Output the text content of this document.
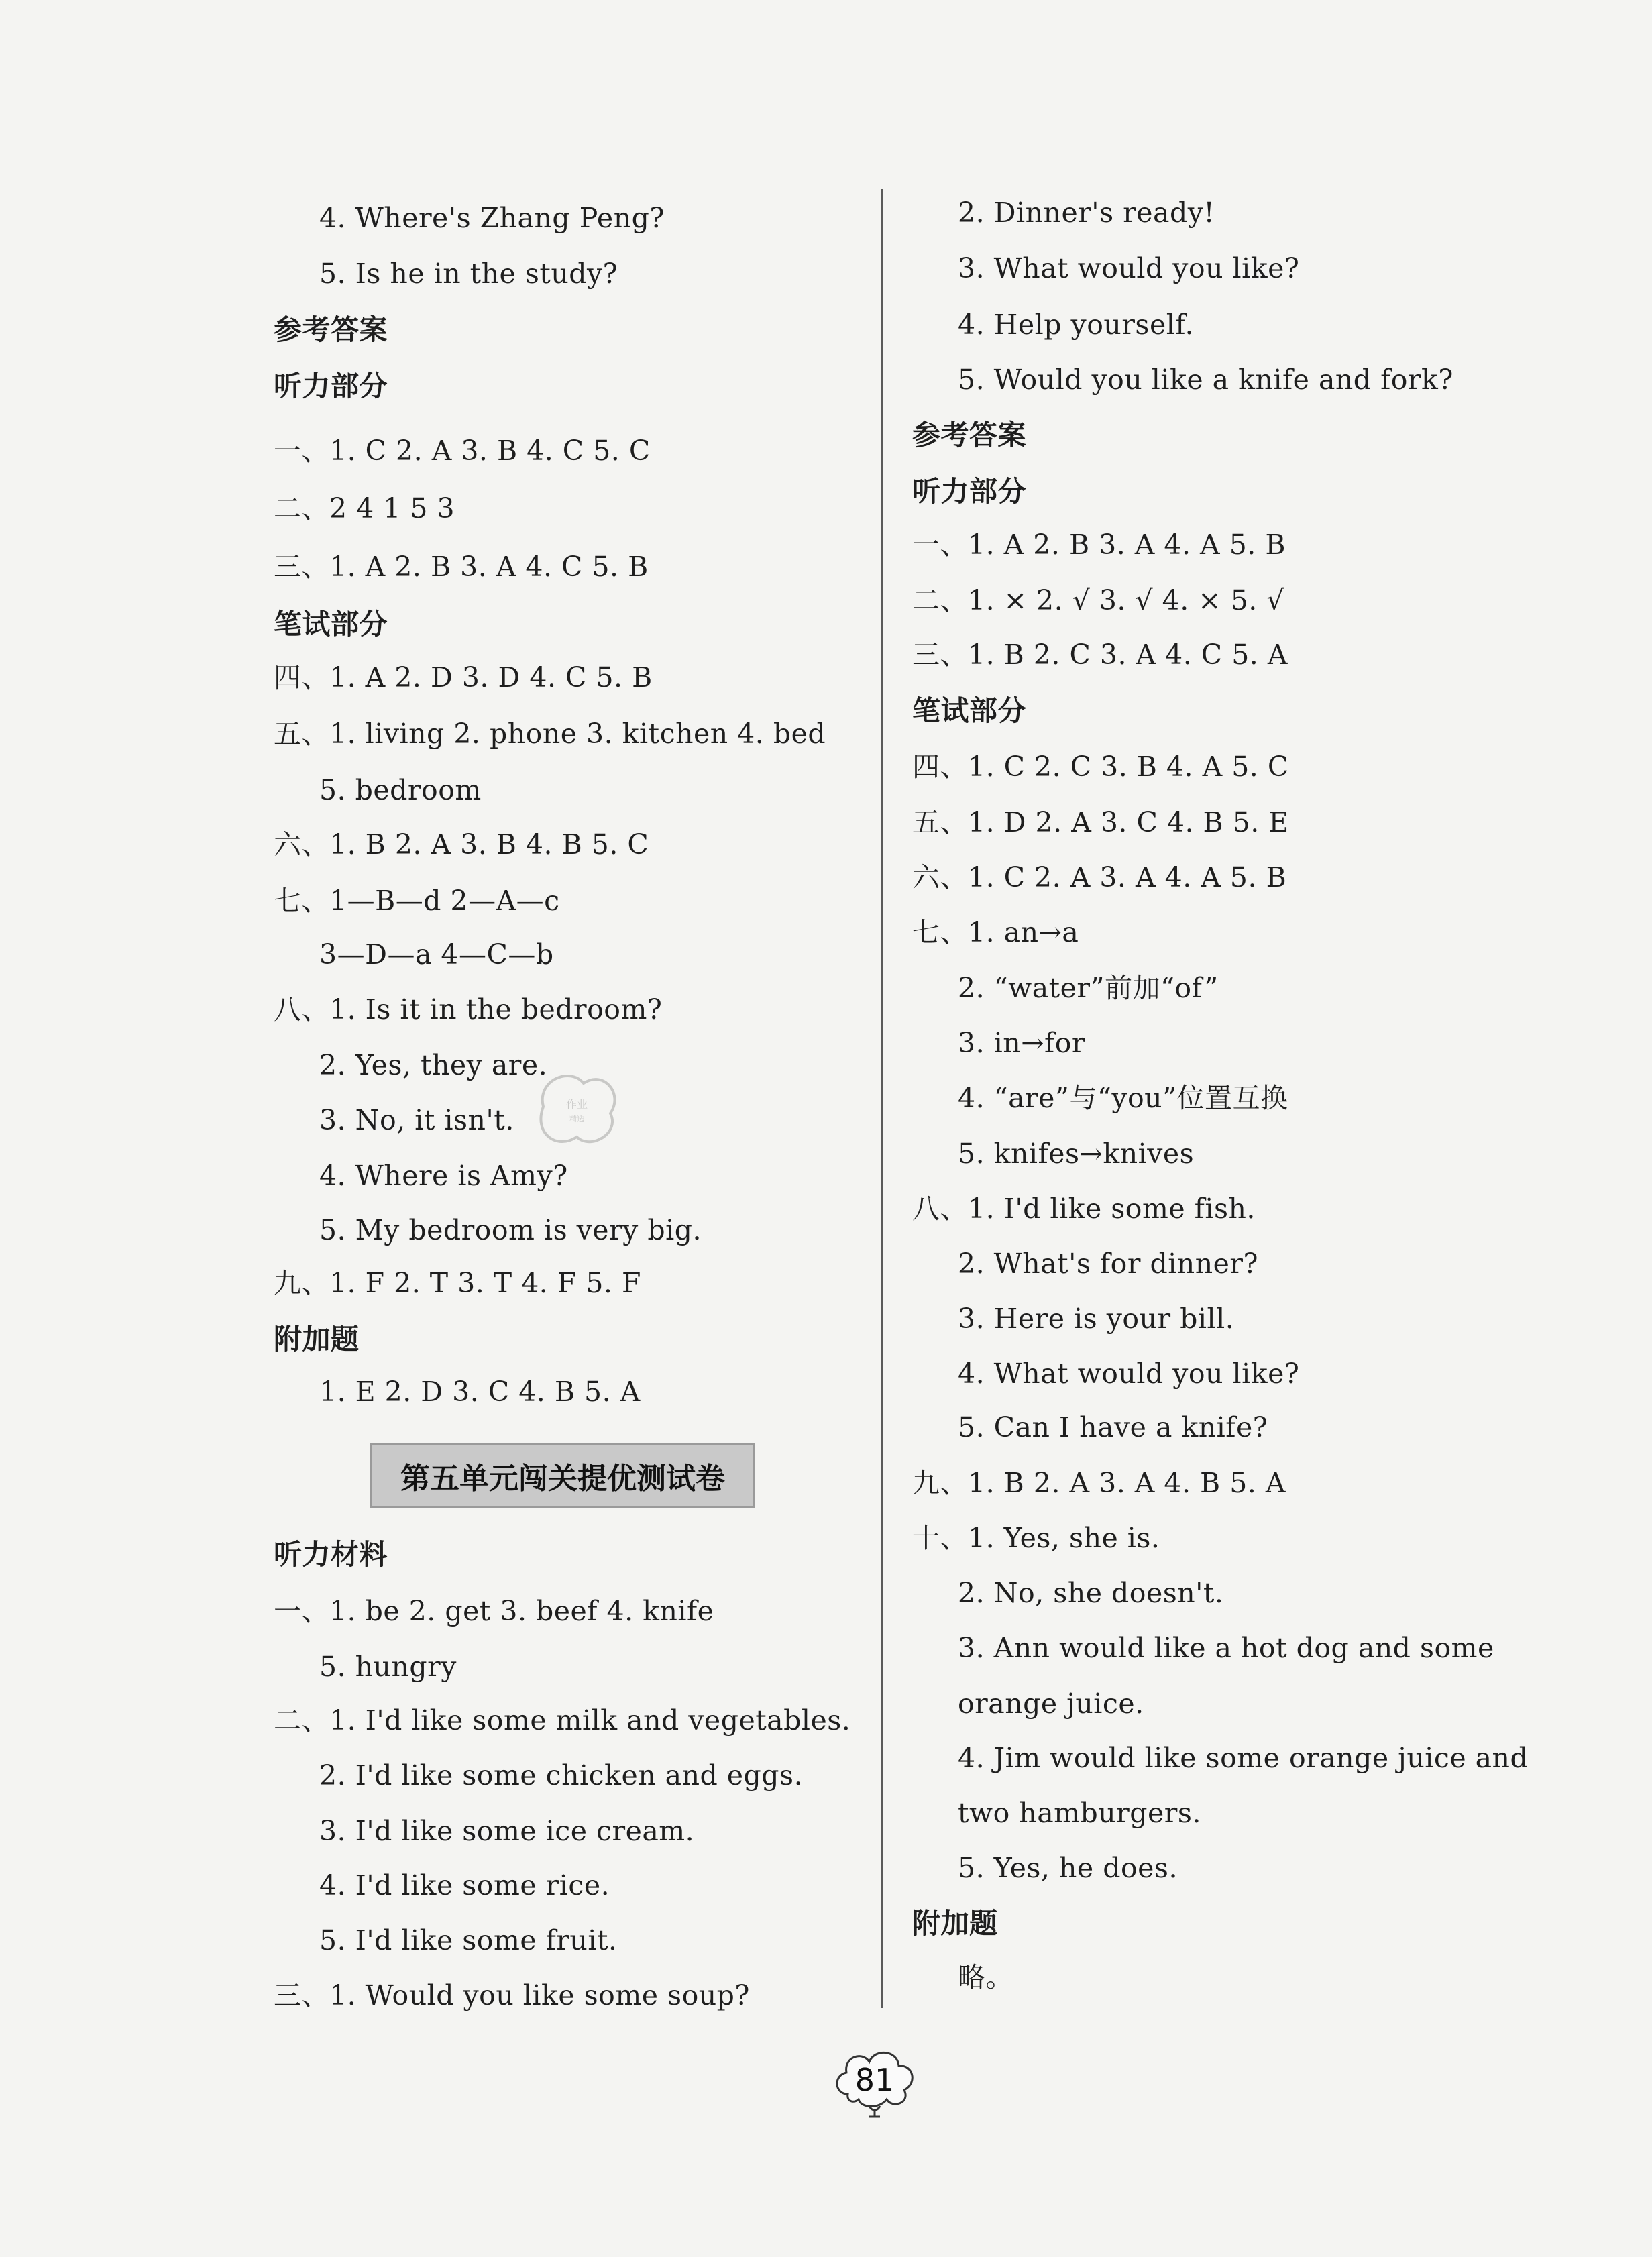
4. Where's Zhang Peng?
5. Is he in the study?
参考答案
听力部分
一、1. C 2. A 3. B 4. C 5. C
二、2 4 1 5 3
三、1. A 2. B 3. A 4. C 5. B
笔试部分
四、1. A 2. D 3. D 4. C 5. B
五、1. living 2. phone 3. kitchen 4. bed
5. bedroom
六、1. B 2. A 3. B 4. B 5. C
七、1—B—d 2—A—c
3—D—a 4—C—b
八、1. Is it in the bedroom?
2. Yes, they are.
3. No, it isn't.
4. Where is Amy?
5. My bedroom is very big.
九、1. F 2. T 3. T 4. F 5. F
附加题
1. E 2. D 3. C 4. B 5. A
听力材料
一、1. be 2. get 3. beef 4. knife
5. hungry
二、1. I'd like some milk and vegetables.
2. I'd like some chicken and eggs.
3. I'd like some ice cream.
4. I'd like some rice.
5. I'd like some fruit.
三、1. Would you like some soup?
2. Dinner's ready!
3. What would you like?
4. Help yourself.
5. Would you like a knife and fork?
参考答案
听力部分
一、1. A 2. B 3. A 4. A 5. B
二、1. × 2. √ 3. √ 4. × 5. √
三、1. B 2. C 3. A 4. C 5. A
笔试部分
四、1. C 2. C 3. B 4. A 5. C
五、1. D 2. A 3. C 4. B 5. E
六、1. C 2. A 3. A 4. A 5. B
七、1. an→a
2. “water”前加“of”
3. in→for
4. “are”与“you”位置互换
5. knifes→knives
八、1. I'd like some fish.
2. What's for dinner?
3. Here is your bill.
4. What would you like?
5. Can I have a knife?
九、1. B 2. A 3. A 4. B 5. A
十、1. Yes, she is.
2. No, she doesn't.
3. Ann would like a hot dog and some
orange juice.
4. Jim would like some orange juice and
two hamburgers.
5. Yes, he does.
附加题
略。
第五单元闯关提优测试卷
作业
精选
81
